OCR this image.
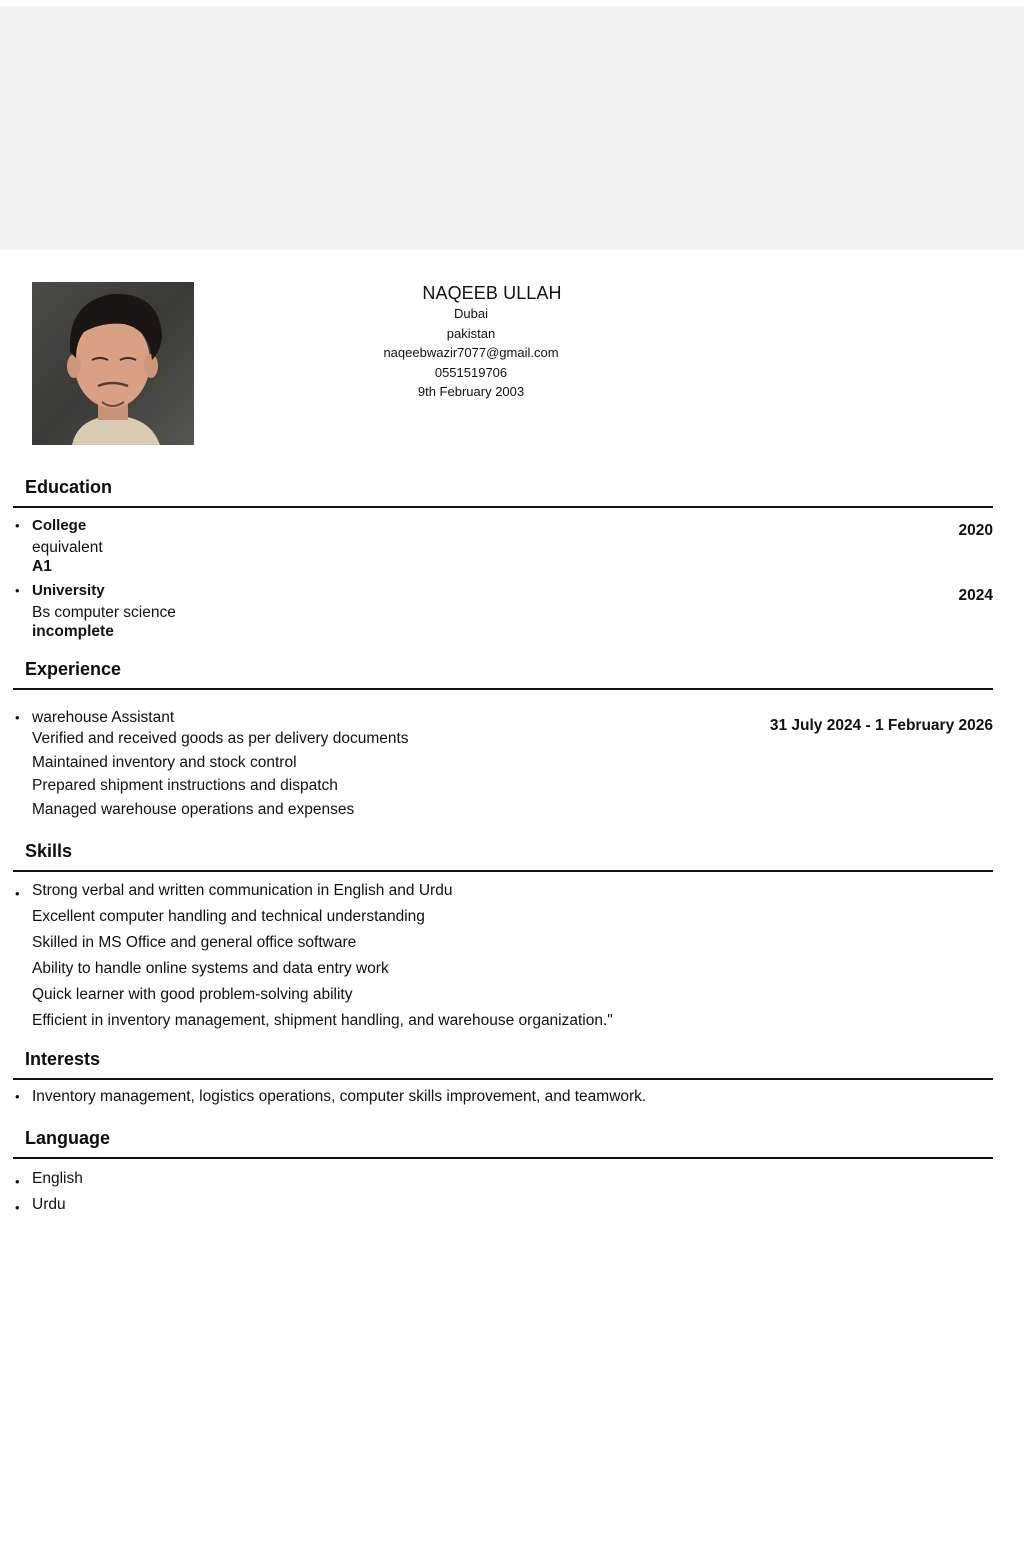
NAQEEB ULLAH
Dubai
pakistan
naqeebwazir7077@gmail.com
0551519706
9th February 2003
Education
• College
equivalent
A1
2020
• University
Bs computer science
incomplete
2024
Experience
• warehouse Assistant
Verified and received goods as per delivery documents
Maintained inventory and stock control
Prepared shipment instructions and dispatch
Managed warehouse operations and expenses
31 July 2024 - 1 February 2026
Skills
• Strong verbal and written communication in English and Urdu
Excellent computer handling and technical understanding
Skilled in MS Office and general office software
Ability to handle online systems and data entry work
Quick learner with good problem-solving ability
Efficient in inventory management, shipment handling, and warehouse organization."
Interests
• Inventory management, logistics operations, computer skills improvement, and teamwork.
Language
• English
• Urdu
